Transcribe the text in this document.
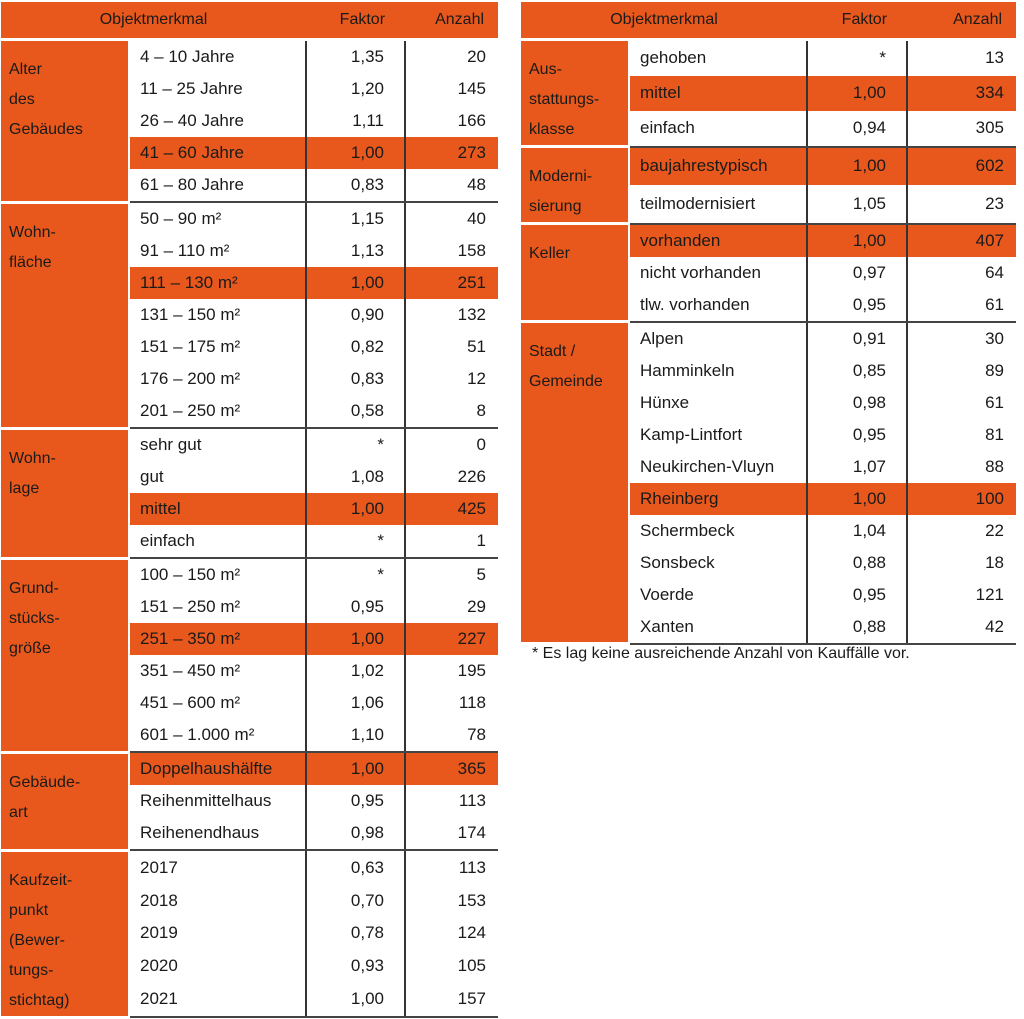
Objektmerkmal		Faktor	Anzahl
Alter
des
Gebäudes	4 – 10 Jahre	1,35	20
	11 – 25 Jahre	1,20	145
	26 – 40 Jahre	1,11	166
	41 – 60 Jahre	1,00	273
	61 – 80 Jahre	0,83	48
Wohn-
fläche	50 – 90 m²	1,15	40
	91 – 110 m²	1,13	158
	111 – 130 m²	1,00	251
	131 – 150 m²	0,90	132
	151 – 175 m²	0,82	51
	176 – 200 m²	0,83	12
	201 – 250 m²	0,58	8
Wohn-
lage	sehr gut	*	0
	gut	1,08	226
	mittel	1,00	425
	einfach	*	1
Grund-
stücks-
größe	100 – 150 m²	*	5
	151 – 250 m²	0,95	29
	251 – 350 m²	1,00	227
	351 – 450 m²	1,02	195
	451 – 600 m²	1,06	118
	601 – 1.000 m²	1,10	78
Gebäude-
art	Doppelhaushälfte	1,00	365
	Reihenmittelhaus	0,95	113
	Reihenendhaus	0,98	174
Kaufzeit-
punkt
(Bewer-
tungs-
stichtag)	2017	0,63	113
	2018	0,70	153
	2019	0,78	124
	2020	0,93	105
	2021	1,00	157
Objektmerkmal		Faktor	Anzahl
Aus-
stattungs-
klasse	gehoben	*	13
	mittel	1,00	334
	einfach	0,94	305
Moderni-
sierung	baujahrestypisch	1,00	602
	teilmodernisiert	1,05	23
Keller	vorhanden	1,00	407
	nicht vorhanden	0,97	64
	tlw. vorhanden	0,95	61
Stadt /
Gemeinde	Alpen	0,91	30
	Hamminkeln	0,85	89
	Hünxe	0,98	61
	Kamp-Lintfort	0,95	81
	Neukirchen-Vluyn	1,07	88
	Rheinberg	1,00	100
	Schermbeck	1,04	22
	Sonsbeck	0,88	18
	Voerde	0,95	121
	Xanten	0,88	42
* Es lag keine ausreichende Anzahl von Kauffälle vor.
